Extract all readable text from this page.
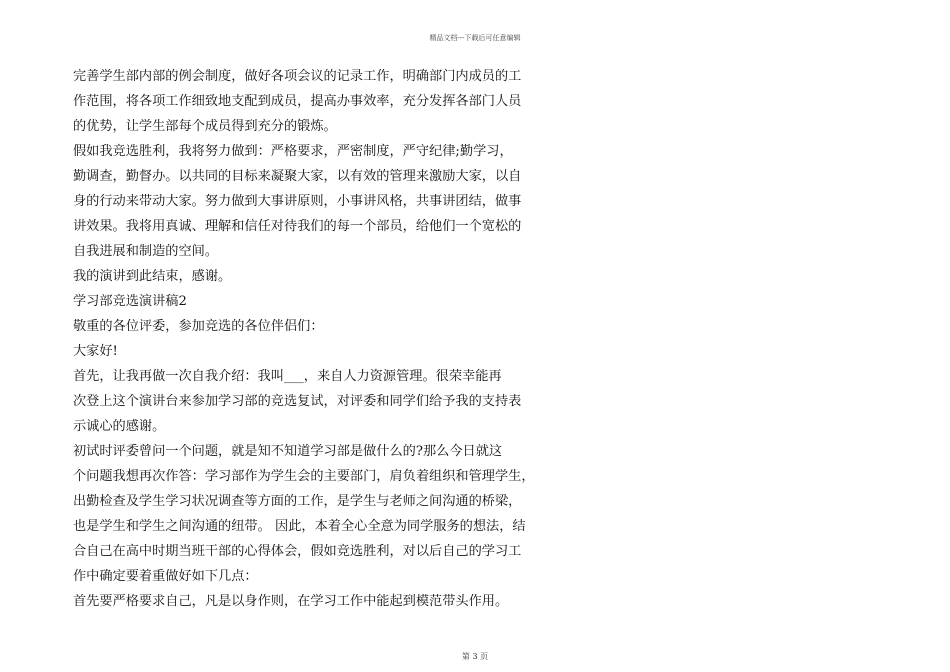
精品文档---下载后可任意编辑
完善学生部内部的例会制度，做好各项会议的记录工作，明确部门内成员的工
作范围，将各项工作细致地支配到成员，提高办事效率，充分发挥各部门人员
的优势，让学生部每个成员得到充分的锻炼。
假如我竞选胜利，我将努力做到：严格要求，严密制度，严守纪律;勤学习，
勤调查，勤督办。以共同的目标来凝聚大家，以有效的管理来激励大家，以自
身的行动来带动大家。努力做到大事讲原则，小事讲风格，共事讲团结，做事
讲效果。我将用真诚、理解和信任对待我们的每一个部员，给他们一个宽松的
自我进展和制造的空间。
我的演讲到此结束，感谢。
学习部竞选演讲稿2
敬重的各位评委，参加竞选的各位伴侣们：
大家好!
首先，让我再做一次自我介绍：我叫___，来自人力资源管理。很荣幸能再
次登上这个演讲台来参加学习部的竞选复试，对评委和同学们给予我的支持表
示诚心的感谢。
初试时评委曾问一个问题，就是知不知道学习部是做什么的?那么今日就这
个问题我想再次作答：学习部作为学生会的主要部门，肩负着组织和管理学生，
出勤检查及学生学习状况调查等方面的工作，是学生与老师之间沟通的桥梁，
也是学生和学生之间沟通的纽带。 因此，本着全心全意为同学服务的想法，结
合自己在高中时期当班干部的心得体会，假如竞选胜利，对以后自己的学习工
作中确定要着重做好如下几点：
首先要严格要求自己，凡是以身作则，在学习工作中能起到模范带头作用。
第 3 页
